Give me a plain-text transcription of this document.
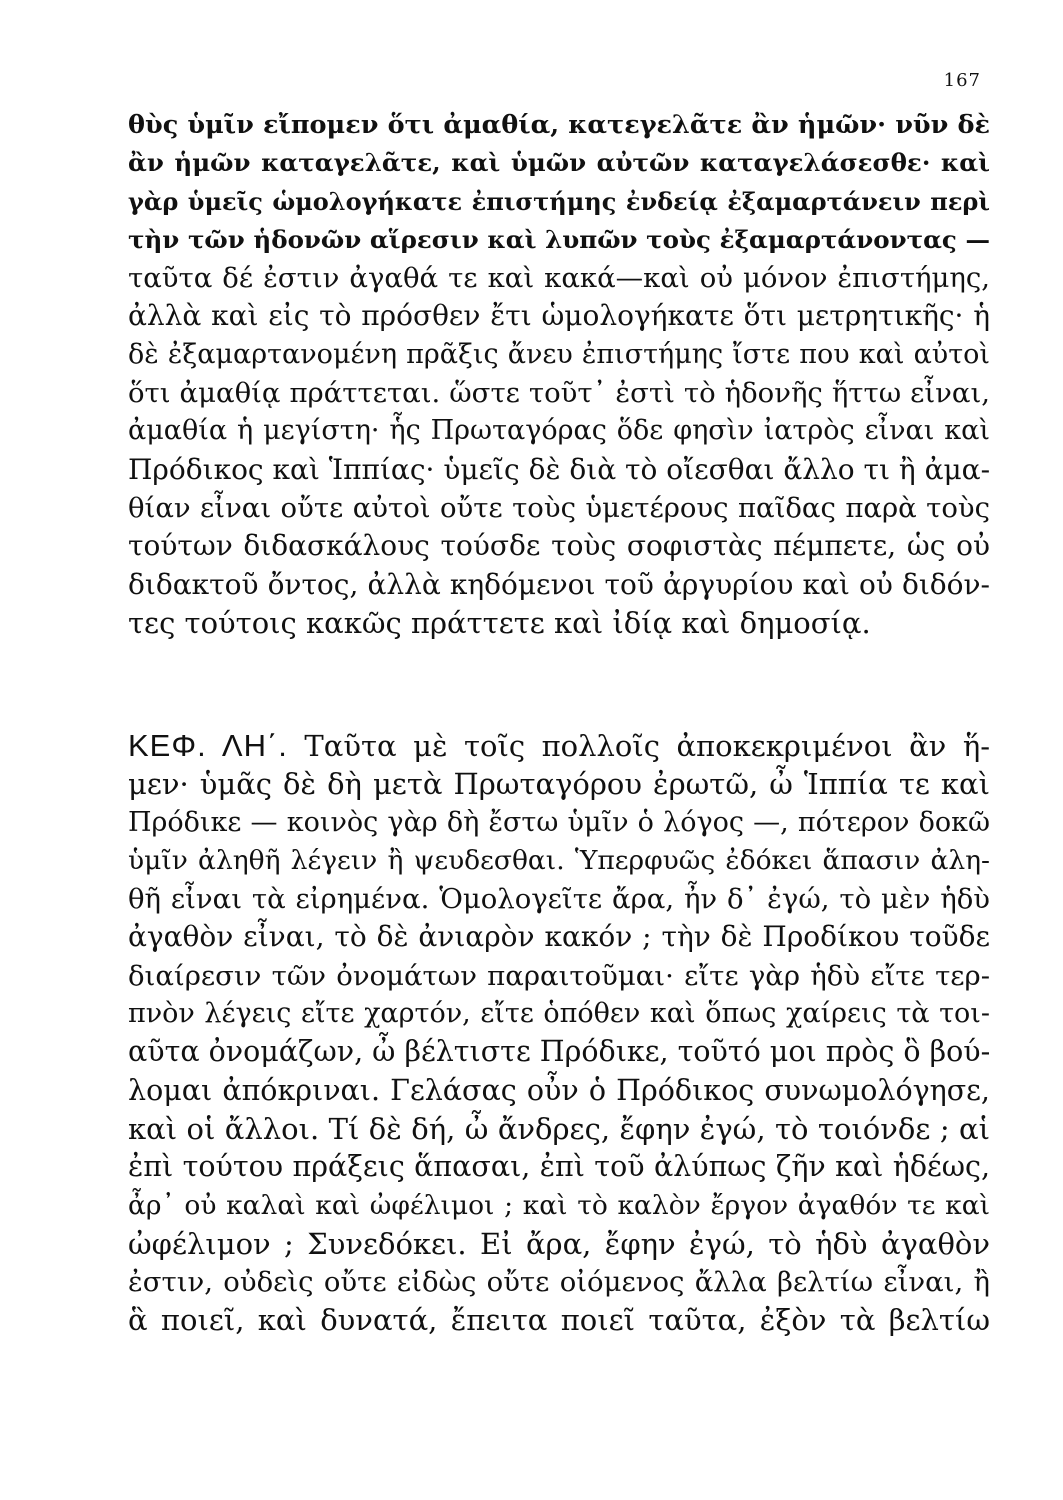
167
θὺς ὑμῖν εἴπομεν ὅτι ἀμαθία, κατεγελᾶτε ἂν ἡμῶν· νῦν δὲ
ἂν ἡμῶν καταγελᾶτε, καὶ ὑμῶν αὐτῶν καταγελάσεσθε· καὶ
γὰρ ὑμεῖς ὡμολογήκατε ἐπιστήμης ἐνδείᾳ ἐξαμαρτάνειν περὶ
τὴν τῶν ἡδονῶν αἵρεσιν καὶ λυπῶν τοὺς ἐξαμαρτάνοντας —
ταῦτα δέ ἐστιν ἀγαθά τε καὶ κακά—καὶ οὐ μόνον ἐπιστήμης,
ἀλλὰ καὶ εἰς τὸ πρόσθεν ἔτι ὡμολογήκατε ὅτι μετρητικῆς· ἡ
δὲ ἐξαμαρτανομένη πρᾶξις ἄνευ ἐπιστήμης ἴστε που καὶ αὐτοὶ
ὅτι ἀμαθίᾳ πράττεται. ὥστε τοῦτ᾽ ἐστὶ τὸ ἡδονῆς ἥττω εἶναι,
ἀμαθία ἡ μεγίστη· ἧς Πρωταγόρας ὅδε φησὶν ἰατρὸς εἶναι καὶ
Πρόδικος καὶ Ἱππίας· ὑμεῖς δὲ διὰ τὸ οἴεσθαι ἄλλο τι ἢ ἀμα-
θίαν εἶναι οὔτε αὐτοὶ οὔτε τοὺς ὑμετέρους παῖδας παρὰ τοὺς
τούτων διδασκάλους τούσδε τοὺς σοφιστὰς πέμπετε, ὡς οὐ
διδακτοῦ ὄντος, ἀλλὰ κηδόμενοι τοῦ ἀργυρίου καὶ οὐ διδόν-
τες τούτοις κακῶς πράττετε καὶ ἰδίᾳ καὶ δημοσίᾳ.
ΚΕΦ. ΛΗ΄. Ταῦτα μὲ τοῖς πολλοῖς ἀποκεκριμένοι ἂν ἥ-
μεν· ὑμᾶς δὲ δὴ μετὰ Πρωταγόρου ἐρωτῶ, ὦ Ἱππία τε καὶ
Πρόδικε — κοινὸς γὰρ δὴ ἔστω ὑμῖν ὁ λόγος —, πότερον δοκῶ
ὑμῖν ἀληθῆ λέγειν ἢ ψευδεσθαι. Ὑπερφυῶς ἐδόκει ἅπασιν ἀλη-
θῆ εἶναι τὰ εἰρημένα. Ὁμολογεῖτε ἄρα, ἦν δ᾽ ἐγώ, τὸ μὲν ἡδὺ
ἀγαθὸν εἶναι, τὸ δὲ ἀνιαρὸν κακόν ; τὴν δὲ Προδίκου τοῦδε
διαίρεσιν τῶν ὀνομάτων παραιτοῦμαι· εἴτε γὰρ ἡδὺ εἴτε τερ-
πνὸν λέγεις εἴτε χαρτόν, εἴτε ὁπόθεν καὶ ὅπως χαίρεις τὰ τοι-
αῦτα ὀνομάζων, ὦ βέλτιστε Πρόδικε, τοῦτό μοι πρὸς ὃ βού-
λομαι ἀπόκριναι. Γελάσας οὖν ὁ Πρόδικος συνωμολόγησε,
καὶ οἱ ἄλλοι. Τί δὲ δή, ὦ ἄνδρες, ἔφην ἐγώ, τὸ τοιόνδε ; αἱ
ἐπὶ τούτου πράξεις ἅπασαι, ἐπὶ τοῦ ἀλύπως ζῆν καὶ ἡδέως,
ἆρ᾽ οὐ καλαὶ καὶ ὠφέλιμοι ; καὶ τὸ καλὸν ἔργον ἀγαθόν τε καὶ
ὠφέλιμον ; Συνεδόκει. Εἰ ἄρα, ἔφην ἐγώ, τὸ ἡδὺ ἀγαθὸν
ἐστιν, οὐδεὶς οὔτε εἰδὼς οὔτε οἰόμενος ἄλλα βελτίω εἶναι, ἢ
ἃ ποιεῖ, καὶ δυνατά, ἔπειτα ποιεῖ ταῦτα, ἐξὸν τὰ βελτίω
